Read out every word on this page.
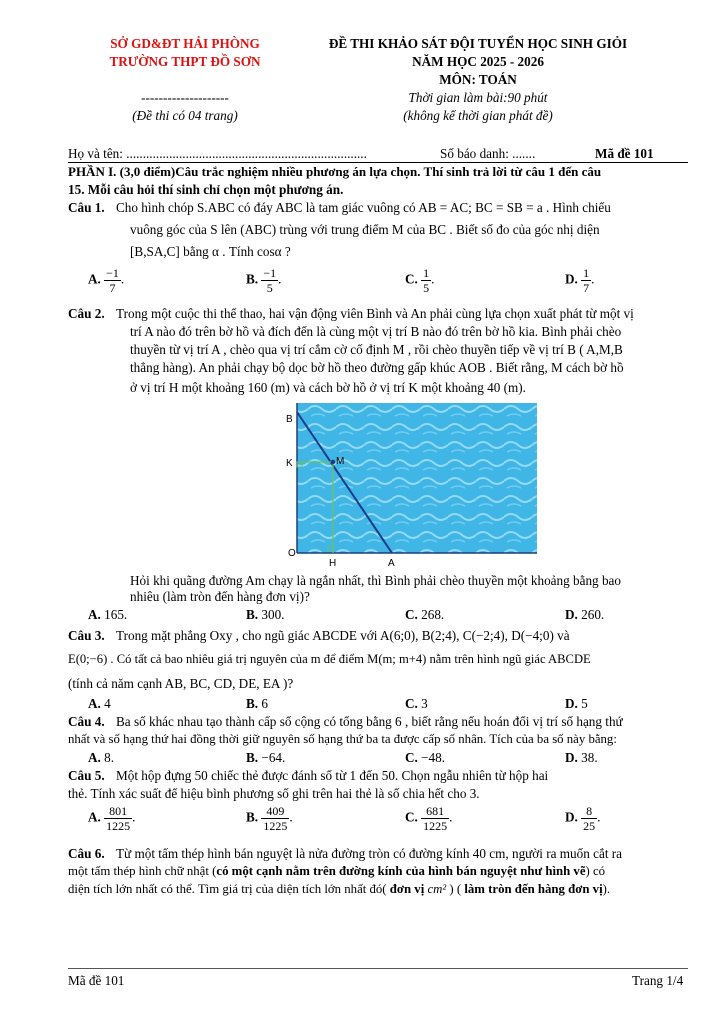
SỞ GD&ĐT HẢI PHÒNG
TRƯỜNG THPT ĐỒ SƠN
--------------------
(Đề thi có 04 trang)
ĐỀ THI KHẢO SÁT ĐỘI TUYỂN HỌC SINH GIỎI
NĂM HỌC 2025 - 2026
MÔN: TOÁN
Thời gian làm bài:90 phút
(không kể thời gian phát đề)
Họ và tên: .........................................................................	Số báo danh: .......	Mã đề 101
PHẦN I. (3,0 điểm)Câu trắc nghiệm nhiều phương án lựa chọn. Thí sinh trả lời từ câu 1 đến câu
15. Mỗi câu hỏi thí sinh chỉ chọn một phương án.
Câu 1. Cho hình chóp S.ABC có đáy ABC là tam giác vuông có AB = AC; BC = SB = a . Hình chiếu
vuông góc của S lên (ABC) trùng với trung điểm M của BC . Biết số đo của góc nhị diện
[B,SA,C] bằng α . Tính cosα ?
A. $\frac{-1}{7}$ .	B. $\frac{-1}{5}$ .	C. $\frac{1}{5}$ .	D. $\frac{1}{7}$ .
Câu 2. Trong một cuộc thi thể thao, hai vận động viên Bình và An phải cùng lựa chọn xuất phát từ một vị
trí A nào đó trên bờ hồ và đích đến là cùng một vị trí B nào đó trên bờ hồ kia. Bình phải chèo
thuyền từ vị trí A , chèo qua vị trí cắm cờ cố định M , rồi chèo thuyền tiếp về vị trí B ( A,M,B
thẳng hàng). An phải chạy bộ dọc bờ hồ theo đường gấp khúc AOB . Biết rằng, M cách bờ hồ
ở vị trí H một khoảng 160 (m) và cách bờ hồ ở vị trí K một khoảng 40 (m).
B
K	M
O
H	A
Hỏi khi quãng đường Am chạy là ngắn nhất, thì Bình phải chèo thuyền một khoảng bằng bao
nhiêu (làm tròn đến hàng đơn vị)?
A. 165.	B. 300.	C. 268.	D. 260.
Câu 3. Trong mặt phẳng Oxy , cho ngũ giác ABCDE với A(6;0), B(2;4), C(−2;4), D(−4;0) và
E(0;−6) . Có tất cả bao nhiêu giá trị nguyên của m để điểm M(m; m+4) nằm trên hình ngũ giác ABCDE
(tính cả năm cạnh AB, BC, CD, DE, EA )?
A. 4	B. 6	C. 3	D. 5
Câu 4. Ba số khác nhau tạo thành cấp số cộng có tổng bằng 6 , biết rằng nếu hoán đổi vị trí số hạng thứ
nhất và số hạng thứ hai đồng thời giữ nguyên số hạng thứ ba ta được cấp số nhân. Tích của ba số này bằng:
A. 8.	B. −64.	C. −48.	D. 38.
Câu 5. Một hộp đựng 50 chiếc thẻ được đánh số từ 1 đến 50. Chọn ngẫu nhiên từ hộp hai
thẻ. Tính xác suất để hiệu bình phương số ghi trên hai thẻ là số chia hết cho 3.
A. $\frac{801}{1225}$ .	B. $\frac{409}{1225}$ .	C. $\frac{681}{1225}$ .	D. $\frac{8}{25}$ .
Câu 6. Từ một tấm thép hình bán nguyệt là nửa đường tròn có đường kính 40 cm, người ra muốn cắt ra
một tấm thép hình chữ nhật (có một cạnh nằm trên đường kính của hình bán nguyệt như hình vẽ) có
diện tích lớn nhất có thể. Tìm giá trị của diện tích lớn nhất đó( đơn vị cm² ) ( làm tròn đến hàng đơn vị).
Mã đề 101	Trang 1/4
